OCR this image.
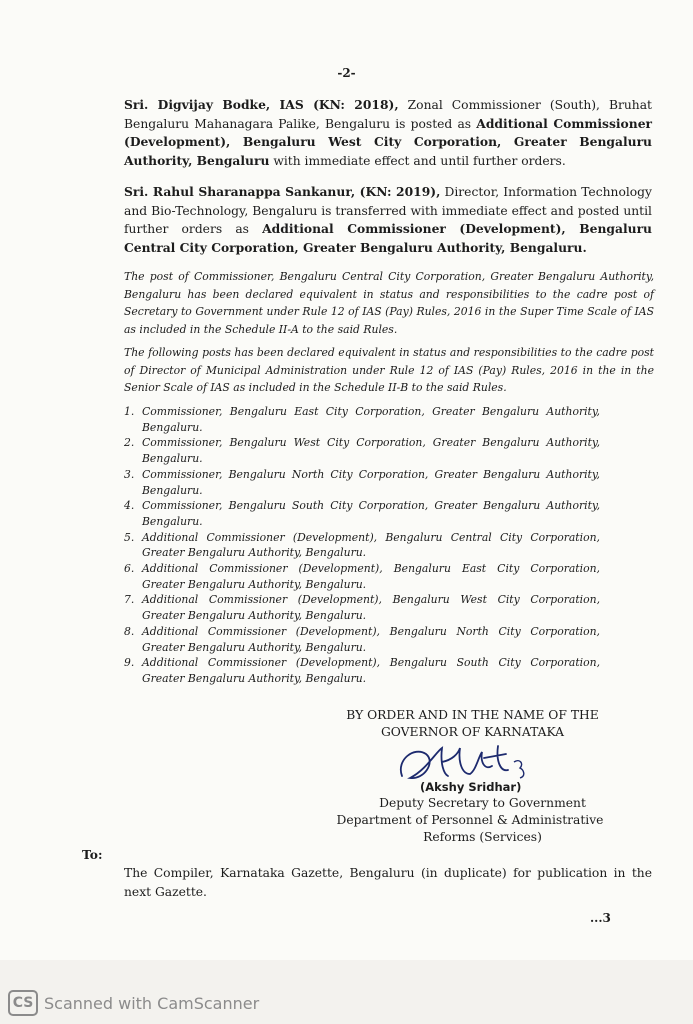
-2-
Sri. Digvijay Bodke, IAS (KN: 2018), Zonal Commissioner (South), Bruhat Bengaluru Mahanagara Palike, Bengaluru is posted as Additional Commissioner (Development), Bengaluru West City Corporation, Greater Bengaluru Authority, Bengaluru with immediate effect and until further orders.
Sri. Rahul Sharanappa Sankanur, (KN: 2019), Director, Information Technology and Bio-Technology, Bengaluru is transferred with immediate effect and posted until further orders as Additional Commissioner (Development), Bengaluru Central City Corporation, Greater Bengaluru Authority, Bengaluru.
The post of Commissioner, Bengaluru Central City Corporation, Greater Bengaluru Authority, Bengaluru has been declared equivalent in status and responsibilities to the cadre post of Secretary to Government under Rule 12 of IAS (Pay) Rules, 2016 in the Super Time Scale of IAS as included in the Schedule II-A to the said Rules.
The following posts has been declared equivalent in status and responsibilities to the cadre post of Director of Municipal Administration under Rule 12 of IAS (Pay) Rules, 2016 in the in the Senior Scale of IAS as included in the Schedule II-B to the said Rules.
1. Commissioner, Bengaluru East City Corporation, Greater Bengaluru Authority, Bengaluru.
2. Commissioner, Bengaluru West City Corporation, Greater Bengaluru Authority, Bengaluru.
3. Commissioner, Bengaluru North City Corporation, Greater Bengaluru Authority, Bengaluru.
4. Commissioner, Bengaluru South City Corporation, Greater Bengaluru Authority, Bengaluru.
5. Additional Commissioner (Development), Bengaluru Central City Corporation, Greater Bengaluru Authority, Bengaluru.
6. Additional Commissioner (Development), Bengaluru East City Corporation, Greater Bengaluru Authority, Bengaluru.
7. Additional Commissioner (Development), Bengaluru West City Corporation, Greater Bengaluru Authority, Bengaluru.
8. Additional Commissioner (Development), Bengaluru North City Corporation, Greater Bengaluru Authority, Bengaluru.
9. Additional Commissioner (Development), Bengaluru South City Corporation, Greater Bengaluru Authority, Bengaluru.
BY ORDER AND IN THE NAME OF THE
GOVERNOR OF KARNATAKA
(Akshy Sridhar)
Deputy Secretary to Government
Department of Personnel & Administrative
Reforms (Services)
To:
The Compiler, Karnataka Gazette, Bengaluru (in duplicate) for publication in the next Gazette.
...3
CS Scanned with CamScanner
